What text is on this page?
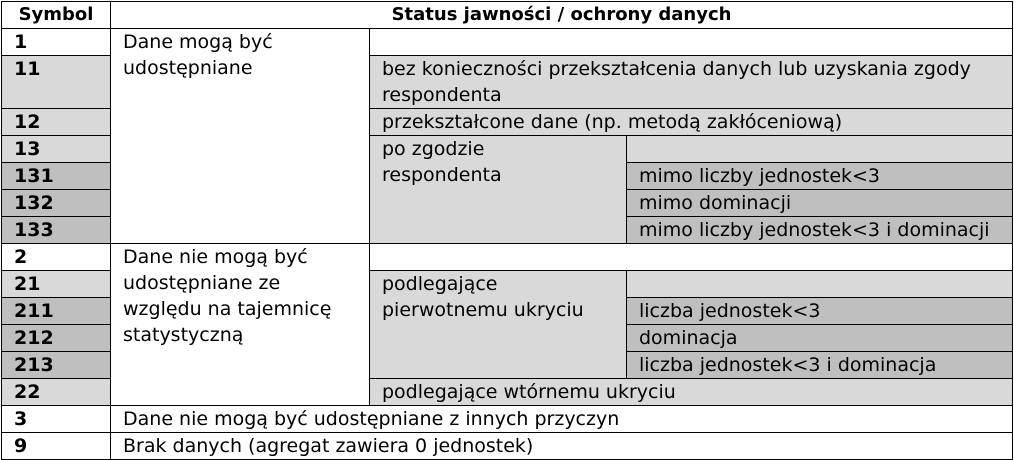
Symbol	Status jawności / ochrony danych		
1	Dane mogą być udostępniane		
11		bez konieczności przekształcenia danych lub uzyskania zgody respondenta	
12		przekształcone dane (np. metodą zakłóceniową)	
13		po zgodzie respondenta	
131			mimo liczby jednostek<3
132			mimo dominacji
133			mimo liczby jednostek<3 i dominacji
2	Dane nie mogą być udostępniane ze względu na tajemnicę statystyczną		
21		podlegające pierwotnemu ukryciu	
211			liczba jednostek<3
212			dominacja
213			liczba jednostek<3 i dominacja
22		podlegające wtórnemu ukryciu	
3	Dane nie mogą być udostępniane z innych przyczyn		
9	Brak danych (agregat zawiera 0 jednostek)		
